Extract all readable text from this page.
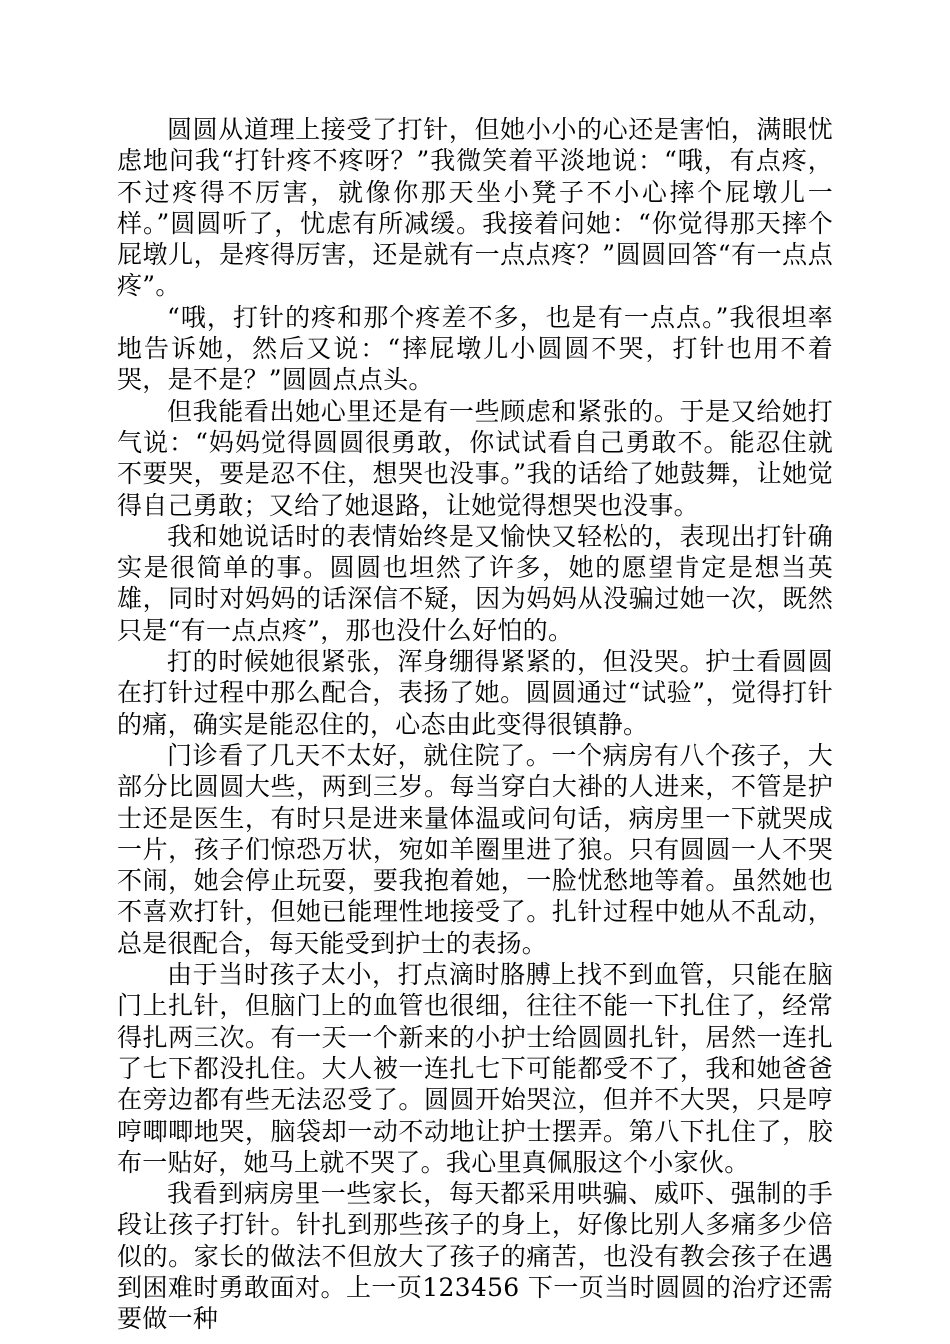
圆圆从道理上接受了打针，但她小小的心还是害怕，满眼忧虑地问我“打针疼不疼呀？”我微笑着平淡地说：“哦，有点疼，不过疼得不厉害，就像你那天坐小凳子不小心摔个屁墩儿一样。”圆圆听了，忧虑有所减缓。我接着问她：“你觉得那天摔个屁墩儿，是疼得厉害，还是就有一点点疼？”圆圆回答“有一点点疼”。

“哦，打针的疼和那个疼差不多，也是有一点点。”我很坦率地告诉她，然后又说：“摔屁墩儿小圆圆不哭，打针也用不着哭，是不是？”圆圆点点头。

但我能看出她心里还是有一些顾虑和紧张的。于是又给她打气说：“妈妈觉得圆圆很勇敢，你试试看自己勇敢不。能忍住就不要哭，要是忍不住，想哭也没事。”我的话给了她鼓舞，让她觉得自己勇敢；又给了她退路，让她觉得想哭也没事。

我和她说话时的表情始终是又愉快又轻松的，表现出打针确实是很简单的事。圆圆也坦然了许多，她的愿望肯定是想当英雄，同时对妈妈的话深信不疑，因为妈妈从没骗过她一次，既然只是“有一点点疼”，那也没什么好怕的。

打的时候她很紧张，浑身绷得紧紧的，但没哭。护士看圆圆在打针过程中那么配合，表扬了她。圆圆通过“试验”，觉得打针的痛，确实是能忍住的，心态由此变得很镇静。

门诊看了几天不太好，就住院了。一个病房有八个孩子，大部分比圆圆大些，两到三岁。每当穿白大褂的人进来，不管是护士还是医生，有时只是进来量体温或问句话，病房里一下就哭成一片，孩子们惊恐万状，宛如羊圈里进了狼。只有圆圆一人不哭不闹，她会停止玩耍，要我抱着她，一脸忧愁地等着。虽然她也不喜欢打针，但她已能理性地接受了。扎针过程中她从不乱动，总是很配合，每天能受到护士的表扬。

由于当时孩子太小，打点滴时胳膊上找不到血管，只能在脑门上扎针，但脑门上的血管也很细，往往不能一下扎住了，经常得扎两三次。有一天一个新来的小护士给圆圆扎针，居然一连扎了七下都没扎住。大人被一连扎七下可能都受不了，我和她爸爸在旁边都有些无法忍受了。圆圆开始哭泣，但并不大哭，只是哼哼唧唧地哭，脑袋却一动不动地让护士摆弄。第八下扎住了，胶布一贴好，她马上就不哭了。我心里真佩服这个小家伙。

我看到病房里一些家长，每天都采用哄骗、威吓、强制的手段让孩子打针。针扎到那些孩子的身上，好像比别人多痛多少倍似的。家长的做法不但放大了孩子的痛苦，也没有教会孩子在遇到困难时勇敢面对。上一页123456 下一页当时圆圆的治疗还需要做一种
